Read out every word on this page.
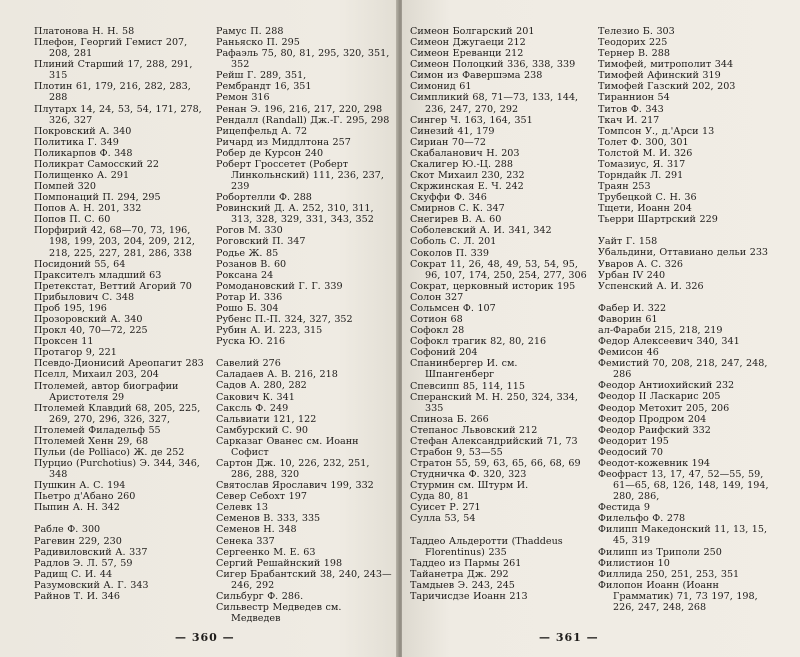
Платонова Н. Н. 58
Плефон, Георгий Гемист 207, 208, 281
Плиний Старший 17, 288, 291, 315
Плотин 61, 179, 216, 282, 283, 288
Плутарх 14, 24, 53, 54, 171, 278, 326, 327
Покровский А. 340
Политика Г. 349
Поликарпов Ф. 348
Поликрат Самосский 22
Полищенко А. 291
Помпей 320
Помпонаций П. 294, 295
Попов А. Н. 201, 332
Попов П. С. 60
Порфирий 42, 68—70, 73, 196, 198, 199, 203, 204, 209, 212, 218, 225, 227, 281, 286, 338
Посидоний 55, 64
Праксителъ младший 63
Претекстат, Веттий Агорий 70
Прибылович С. 348
Проб 195, 196
Прозоровский А. 340
Прокл 40, 70—72, 225
Проксен 11
Протагор 9, 221
Псевдо-Дионисий Ареопагит 283
Пселл, Михаил 203, 204
Птолемей, автор биографии Аристотеля 29
Птолемей Клавдий 68, 205, 225, 269, 270, 296, 326, 327,
Птолемей Филадельф 55
Птолемей Хенн 29, 68
Пульи (de Polliaco) Ж. де 252
Пурцио (Purchotius) Э. 344, 346, 348
Пушкин А. С. 194
Пьетро д'Абано 260
Пыпин А. Н. 342
Рабле Ф. 300
Рагевин 229, 230
Радивиловский А. 337
Радлов Э. Л. 57, 59
Радищ С. И. 44
Разумовский А. Г. 343
Райнов Т. И. 346
Рамус П. 288
Раньяско П. 295
Рафаэль 75, 80, 81, 295, 320, 351, 352
Рейш Г. 289, 351,
Рембрандт 16, 351
Ремон 316
Ренан Э. 196, 216, 217, 220, 298
Рендалл (Randall) Дж.-Г. 295, 298
Рицепфельд А. 72
Ричард из Миддлтона 257
Робер де Курсон 240
Роберт Гроссетет (Роберт Линкольнский) 111, 236, 237, 239
Робортелли Ф. 288
Ровинский Д. А. 252, 310, 311, 313, 328, 329, 331, 343, 352
Рогов М. 330
Роговский П. 347
Родье Ж. 85
Розанов В. 60
Роксана 24
Ромодановский Г. Г. 339
Ротар И. 336
Рошо Б. 304
Рубенс П.-П. 324, 327, 352
Рубин А. И. 223, 315
Руска Ю. 216
Савелий 276
Саладаев А. В. 216, 218
Садов А. 280, 282
Сакович К. 341
Саксль Ф. 249
Сальвиати 121, 122
Самбурский С. 90
Сарказаг Ованес см. Иоанн Софист
Сартон Дж. 10, 226, 232, 251, 286, 288, 320
Святослав Ярославич 199, 332
Север Себохт 197
Селевк 13
Семенов В. 333, 335
Семенов Н. 348
Сенека 337
Сергеенко М. Е. 63
Сергий Решайнский 198
Сигер Брабантский 38, 240, 243—246, 292
Сильбург Ф. 286.
Сильвестр Медведев см. Медведев
— 360 —
Симеон Болгарский 201
Симеон Джугаеци 212
Симеон Ереванци 212
Симеон Полоцкий 336, 338, 339
Симон из Фавершэма 238
Симонид 61
Симпликий 68, 71—73, 133, 144, 236, 247, 270, 292
Сингер Ч. 163, 164, 351
Синезий 41, 179
Сириан 70—72
Скабаланович Н. 203
Скалигер Ю.-Ц. 288
Скот Михаил 230, 232
Скржинская Е. Ч. 242
Скуффи Ф. 346
Смирнов С. К. 347
Снегирев В. А. 60
Соболевский А. И. 341, 342
Соболь С. Л. 201
Соколов П. 339
Сократ 11, 26, 48, 49, 53, 54, 95, 96, 107, 174, 250, 254, 277, 306
Сократ, церковный историк 195
Солон 327
Сольмсен Ф. 107
Сотион 68
Софокл 28
Софокл трагик 82, 80, 216
Софоний 204
Спанинбергер И. см. Шпангенберг
Спевсипп 85, 114, 115
Сперанский М. Н. 250, 324, 334, 335
Спиноза Б. 266
Степанос Львовский 212
Стефан Александрийский 71, 73
Страбон 9, 53—55
Стратон 55, 59, 63, 65, 66, 68, 69
Студничка Ф. 320, 323
Стурмин см. Штурм И.
Суда 80, 81
Суисет Р. 271
Сулла 53, 54
Таддео Альдеротти (Thaddeus Florentinus) 235
Таддео из Пармы 261
Тайанетра Дж. 292
Тамдыев Э. 243, 245
Таричисдзе Иоанн 213
Телезио Б. 303
Теодорих 225
Тернер В. 288
Тимофей, митрополит 344
Тимофей Афинский 319
Тимофей Газский 202, 203
Тираннион 54
Титов Ф. 343
Ткач И. 217
Томпсон У., д.'Арси 13
Толет Ф. 300, 301
Толстой М. И. 326
Томазиус, Я. 317
Торндайк Л. 291
Траян 253
Трубецкой С. Н. 36
Тщети, Иоанн 204
Тьерри Шартрский 229
Уайт Г. 158
Убальдини, Оттавиано дельи 233
Уваров А. С. 326
Урбан IV 240
Успенский А. И. 326
Фабер И. 322
Фаворин 61
ал-Фараби 215, 218, 219
Федор Алексеевич 340, 341
Фемисон 46
Фемистий 70, 208, 218, 247, 248, 286
Феодор Антиохийский 232
Феодор II Ласкарис 205
Феодор Метохит 205, 206
Феодор Продром 204
Феодор Раифский 332
Феодорит 195
Феодосий 70
Феодот-кожевник 194
Феофраст 13, 17, 47, 52—55, 59, 61—65, 68, 126, 148, 149, 194, 280, 286,
Фестида 9
Филельфо Ф. 278
Филипп Македонский 11, 13, 15, 45, 319
Филипп из Триполи 250
Филистион 10
Филлида 250, 251, 253, 351
Филопон Иоанн (Иоанн Грамматик) 71, 73 197, 198, 226, 247, 248, 268
— 361 —
